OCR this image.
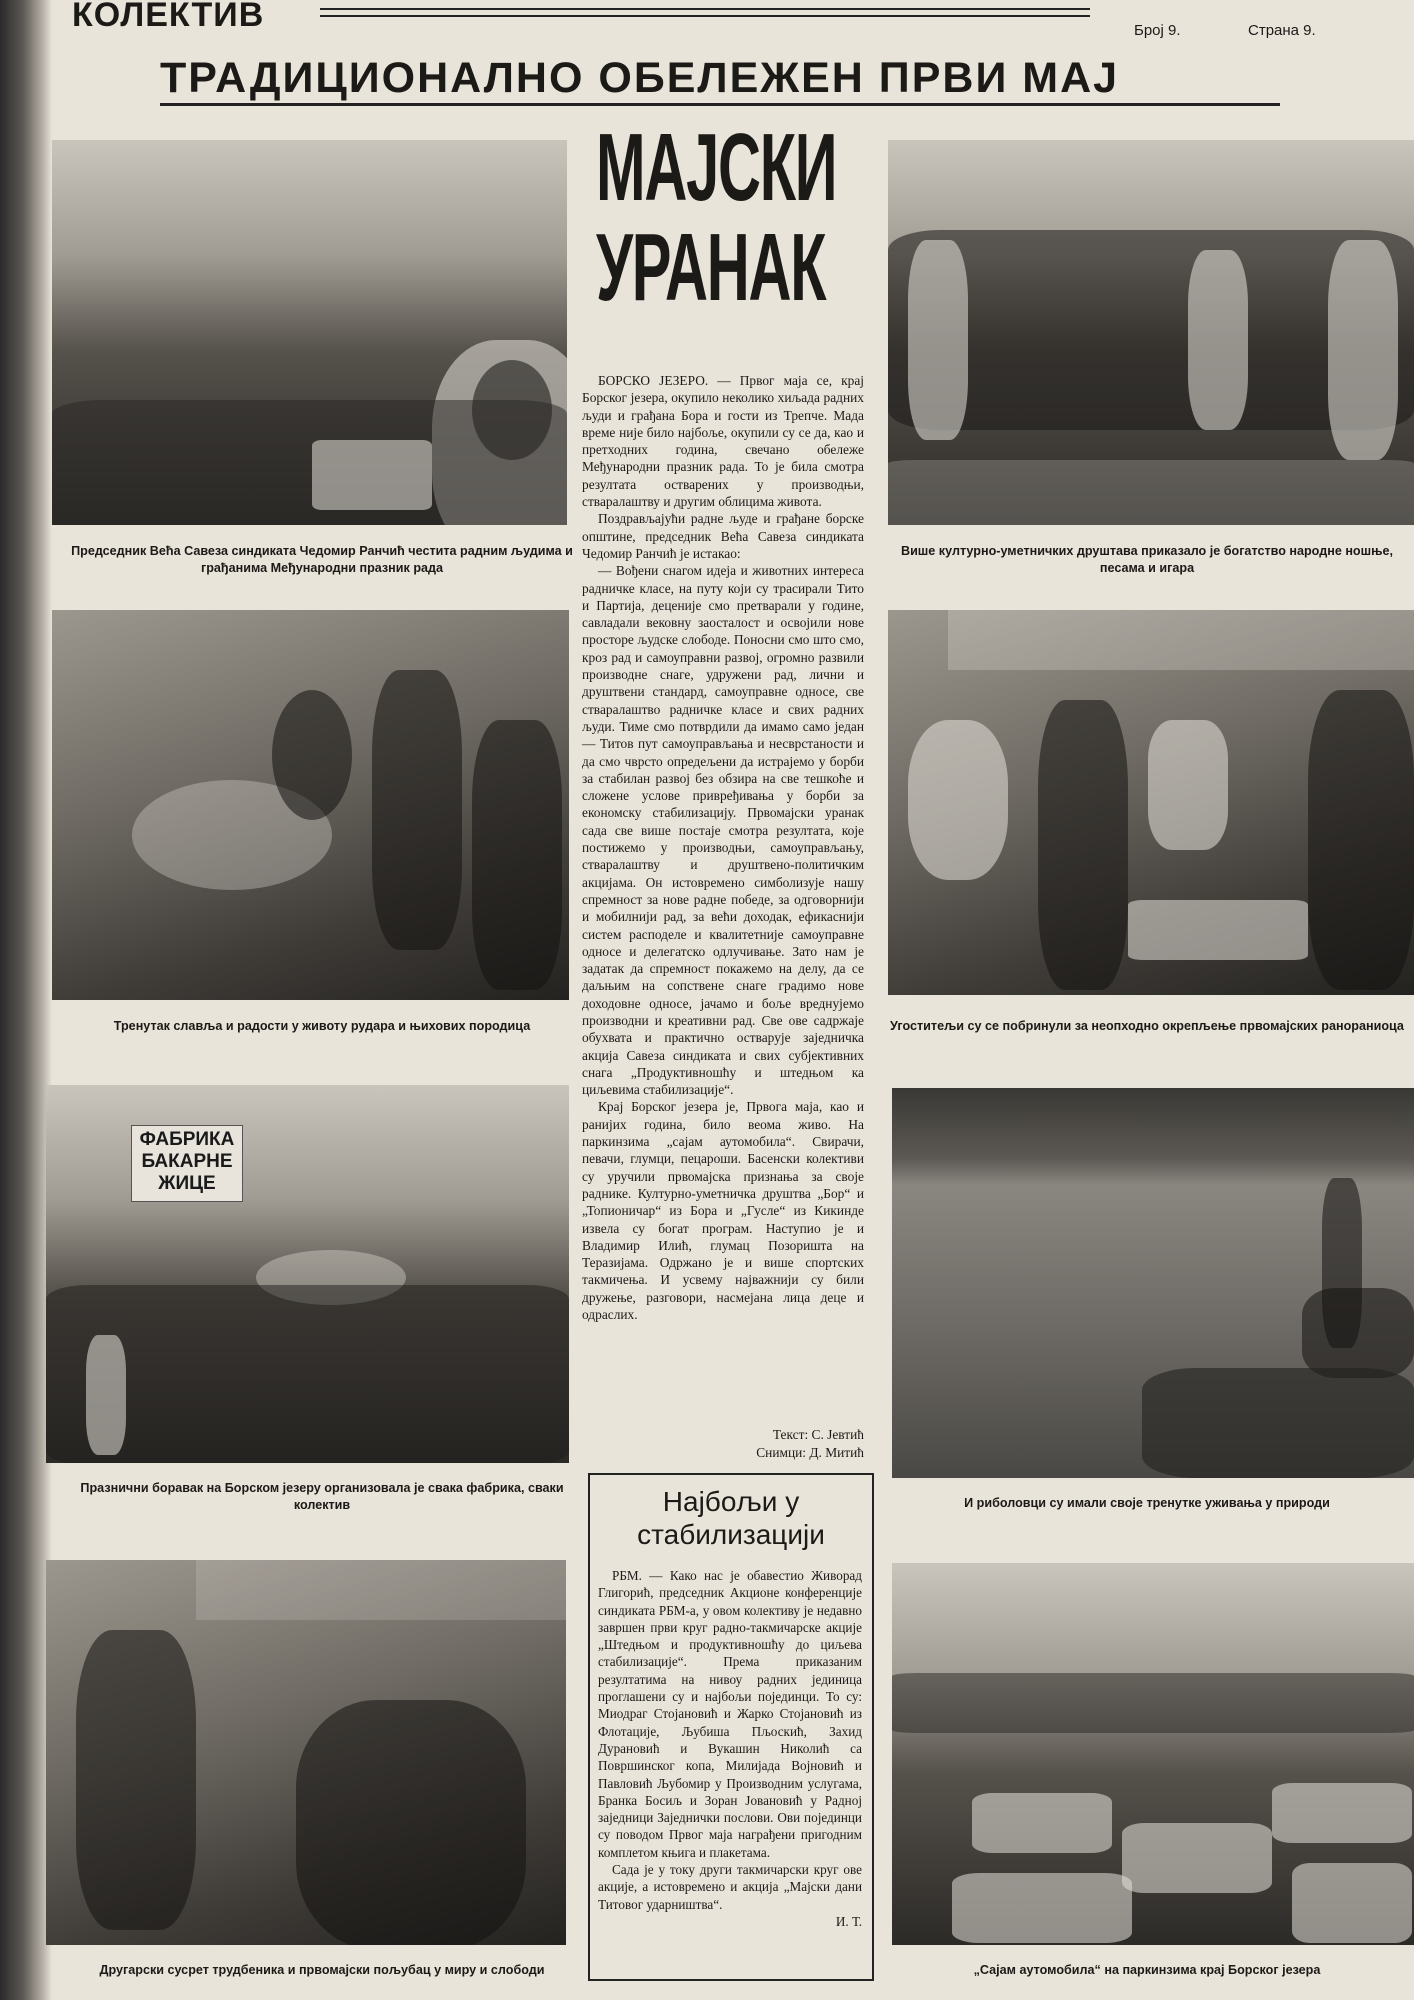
КОЛЕКТИВ	Број 9.	Страна 9.
ТРАДИЦИОНАЛНО ОБЕЛЕЖЕН ПРВИ МАЈ
Председник Већа Савеза синдиката Чедомир Ранчић честита радним људима и грађанима Међународни празник рада
Тренутак славља и радости у животу рудара и њихових породица
ФАБРИКА
БАКАРНЕ
ЖИЦЕ
Празнични боравак на Борском језеру организовала је свака фабрика, сваки колектив
Другарски сусрет трудбеника и првомајски пољубац у миру и слободи
МАЈСКИ
УРАНАК

БОРСКО ЈЕЗЕРО. — Првог маја се, крај Борског језера, окупило неколико хиљада радних људи и грађана Бора и гости из Трепче. Мада време није било најбоље, окупили су се да, као и претходних година, свечано обележе Међународни празник рада. То је била смотра резултата остварених у производњи, стваралаштву и другим облицима живота.

Поздрављајући радне људе и грађане борске општине, председник Већа Савеза синдиката Чедомир Ранчић је истакао:

— Вођени снагом идеја и животних интереса радничке класе, на путу који су трасирали Тито и Партија, деценије смо претварали у године, савладали вековну заосталост и освојили нове просторе људске слободе. Поносни смо што смо, кроз рад и самоуправни развој, огромно развили производне снаге, удружени рад, лични и друштвени стандард, самоуправне односе, све стваралаштво радничке класе и свих радних људи. Тиме смо потврдили да имамо само један — Титов пут самоуправљања и несврстаности и да смо чврсто опредељени да истрајемо у борби за стабилан развој без обзира на све тешкоће и сложене услове привређивања у борби за економску стабилизацију. Првомајски уранак сада све више постаје смотра резултата, које постижемо у производњи, самоуправљању, стваралаштву и друштвено-политичким акцијама. Он истовремено симболизује нашу спремност за нове радне победе, за одговорнији и мобилнији рад, за већи доходак, ефикаснији систем расподеле и квалитетније самоуправне односе и делегатско одлучивање. Зато нам је задатак да спремност покажемо на делу, да се даљњим на сопствене снаге градимо нове доходовне односе, јачамо и боље вреднујемо производни и креативни рад. Све ове садржаје обухвата и практично остварује заједничка акција Савеза синдиката и свих субјективних снага „Продуктивношћу и штедњом ка циљевима стабилизације“.

Крај Борског језера је, Првога маја, као и ранијих година, било веома живо. На паркинзима „сајам аутомобила“. Свирачи, певачи, глумци, пецароши. Басенски колективи су уручили првомајска признања за своје раднике. Културно-уметничка друштва „Бор“ и „Топионичар“ из Бора и „Гусле“ из Кикинде извела су богат програм. Наступио је и Владимир Илић, глумац Позоришта на Теразијама. Одржано је и више спортских такмичења. И уcвему најважнији су били дружење, разговори, насмејана лица деце и одраслих.

Текст: С. Јевтић
Снимци: Д. Митић
Најбољи у
стабилизацији

РБМ. — Како нас је обавестио Живорад Глигорић, председник Акционе конференције синдиката РБМ-а, у овом колективу је недавно завршен први круг радно-такмичарске акције „Штедњом и продуктивношћу до циљева стабилизације“. Према приказаним резултатима на нивоу радних јединица проглашени су и најбољи појединци. То су: Миодраг Стојановић и Жарко Стојановић из Флотације, Љубиша Пљоскић, Захид Дурановић и Вукашин Николић са Површинског копа, Милијада Војновић и Павловић Љубомир у Производним услугама, Бранка Босиљ и Зоран Јовановић у Радној заједници Заједнички послови. Ови појединци су поводом Првог маја награђени пригодним комплетом књига и плакетама.

Сада је у току други такмичарски круг ове акције, а истовремено и акција „Мајски дани Титовог ударништва“.

И. Т.
Више културно-уметничких друштава приказало је богатство народне ношње, песама и игара
Угоститељи су се побринули за неопходно окрепљење првомајских ранораниоца
И риболовци су имали своје тренутке уживања у природи
„Сајам аутомобила“ на паркинзима крај Борског језера
